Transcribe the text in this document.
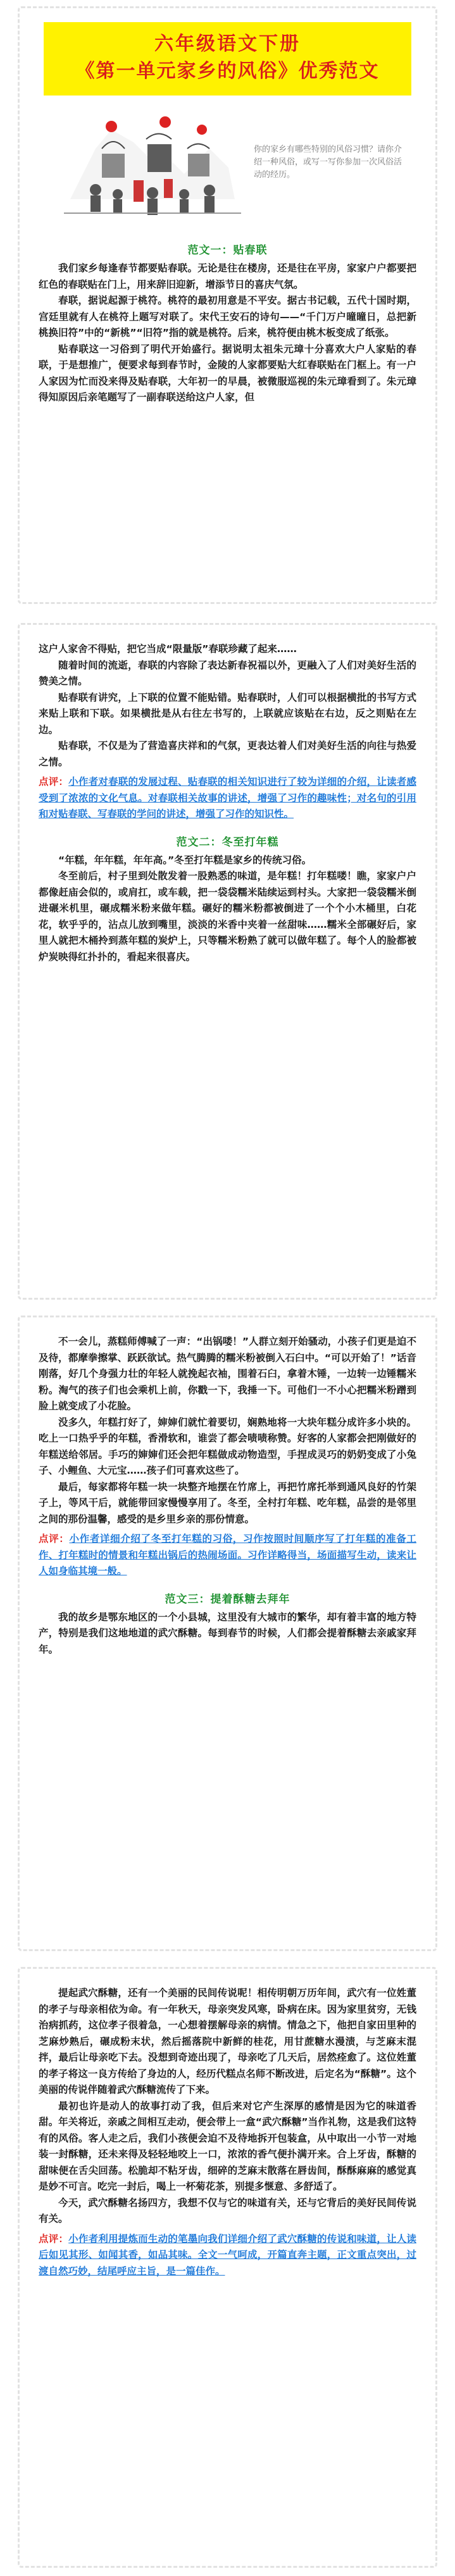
六年级语文下册
《第一单元家乡的风俗》优秀范文
你的家乡有哪些特别的风俗习惯？请你介绍一种风俗，或写一写你参加一次风俗活动的经历。
范文一：贴春联

我们家乡每逢春节都要贴春联。无论是往在楼房，还是往在平房，家家户户都要把红色的春联贴在门上，用来辞旧迎新，增添节日的喜庆气氛。

春联，据说起源于桃符。桃符的最初用意是不平安。据古书记载，五代十国时期，宫廷里就有人在桃符上题写对联了。宋代王安石的诗句——“千门万户曈曈日，总把新桃换旧符”中的“新桃”“旧符”指的就是桃符。后来，桃符便由桃木板变成了纸张。

贴春联这一习俗到了明代开始盛行。据说明太祖朱元璋十分喜欢大户人家贴的春联，于是想推广，便要求每到春节时，金陵的人家都要贴大红春联贴在门框上。有一户人家因为忙而没来得及贴春联，大年初一的早晨，被微服巡视的朱元璋看到了。朱元璋得知原因后亲笔题写了一副春联送给这户人家，但

这户人家舍不得贴，把它当成“限量版”春联珍藏了起来……

随着时间的流逝，春联的内容除了表达新春祝福以外，更融入了人们对美好生活的赞美之情。

贴春联有讲究，上下联的位置不能贴错。贴春联时，人们可以根据横批的书写方式来贴上联和下联。如果横批是从右往左书写的，上联就应该贴在右边，反之则贴在左边。

贴春联，不仅是为了营造喜庆祥和的气氛，更表达着人们对美好生活的向往与热爱之情。

点评：小作者对春联的发展过程、贴春联的相关知识进行了较为详细的介绍，让读者感受到了浓浓的文化气息。对春联相关故事的讲述，增强了习作的趣味性；对名句的引用和对贴春联、写春联的学问的讲述，增强了习作的知识性。
范文二：冬至打年糕

“年糕，年年糕，年年高。”冬至打年糕是家乡的传统习俗。

冬至前后，村子里到处散发着一股熟悉的味道，是年糕！打年糕喽！瞧，家家户户都像赶庙会似的，或肩扛，或车载，把一袋袋糯米陆续运到村头。大家把一袋袋糯米倒进碾米机里，碾成糯米粉来做年糕。碾好的糯米粉都被倒进了一个个小木桶里，白花花，软乎乎的，沾点儿放到嘴里，淡淡的米香中夹着一丝甜味……糯米全部碾好后，家里人就把木桶拎到蒸年糕的炭炉上，只等糯米粉熟了就可以做年糕了。每个人的脸都被炉炭映得红扑扑的，看起来很喜庆。

不一会儿，蒸糕师傅喊了一声：“出锅喽！”人群立刻开始骚动，小孩子们更是迫不及待，都摩拳擦掌、跃跃欲试。热气腾腾的糯米粉被倒入石臼中。“可以开始了！”话音刚落，好几个身强力壮的年轻人就挽起衣袖，围着石臼，拿着木锤，一边转一边锤糯米粉。淘气的孩子们也会乘机上前，你戳一下，我捶一下。可他们一不小心把糯米粉蹭到脸上就变成了小花脸。

没多久，年糕打好了，婶婶们就忙着要切，娴熟地将一大块年糕分成许多小块的。吃上一口热乎乎的年糕，香滑软和，谁尝了都会啧啧称赞。好客的人家都会把刚做好的年糕送给邻居。手巧的婶婶们还会把年糕做成动物造型，手捏成灵巧的奶奶变成了小兔子、小鲤鱼、大元宝……孩子们可喜欢这些了。

最后，每家都将年糕一块一块整齐地摆在竹席上，再把竹席托举到通风良好的竹架子上，等风干后，就能带回家慢慢享用了。冬至，全村打年糕、吃年糕，品尝的是邻里之间的那份温馨，感受的是乡里乡亲的那份情意。

点评：小作者详细介绍了冬至打年糕的习俗，习作按照时间顺序写了打年糕的准备工作、打年糕时的情景和年糕出锅后的热闹场面。习作详略得当，场面描写生动，读来让人如身临其境一般。
范文三：提着酥糖去拜年

我的故乡是鄂东地区的一个小县城，这里没有大城市的繁华，却有着丰富的地方特产，特别是我们这地地道的武穴酥糖。每到春节的时候，人们都会提着酥糖去亲戚家拜年。

提起武穴酥糖，还有一个美丽的民间传说呢！相传明朝万历年间，武穴有一位姓董的孝子与母亲相依为命。有一年秋天，母亲突发风寒，卧病在床。因为家里贫穷，无钱治病抓药，这位孝子很着急，一心想着摆解母亲的病情。情急之下，他把自家田里种的芝麻炒熟后，碾成粉末状，然后摇落院中新鲜的桂花，用甘蔗糖水漫渍，与芝麻末混拌，最后让母亲吃下去。没想到奇迹出现了，母亲吃了几天后，居然痊愈了。这位姓董的孝子将这一良方传给了身边的人，经历代糕点名师不断改进，后定名为“酥糖”。这个美丽的传说伴随着武穴酥糖流传了下来。

最初也许是动人的故事打动了我，但后来对它产生深厚的感情是因为它的味道香甜。年关将近，亲戚之间相互走动，便会带上一盒“武穴酥糖”当作礼物，这是我们这特有的风俗。客人走之后，我们小孩便会迫不及待地拆开包装盒，从中取出一小节一对地装一封酥糖，还未来得及轻轻地咬上一口，浓浓的香气便扑满开来。合上牙齿，酥糖的甜味便在舌尖回荡。松脆却不粘牙齿，细碎的芝麻末散落在唇齿间，酥酥麻麻的感觉真是妙不可言。吃完一封后，喝上一杯菊花茶，别提多惬意、多舒适了。

今天，武穴酥糖名扬四方，我想不仅与它的味道有关，还与它背后的美好民间传说有关。

点评：小作者利用提炼而生动的笔墨向我们详细介绍了武穴酥糖的传说和味道，让人读后如见其形、如闻其香，如品其味。全文一气呵成，开篇直奔主题，正文重点突出，过渡自然巧妙，结尾呼应主旨，是一篇佳作。
